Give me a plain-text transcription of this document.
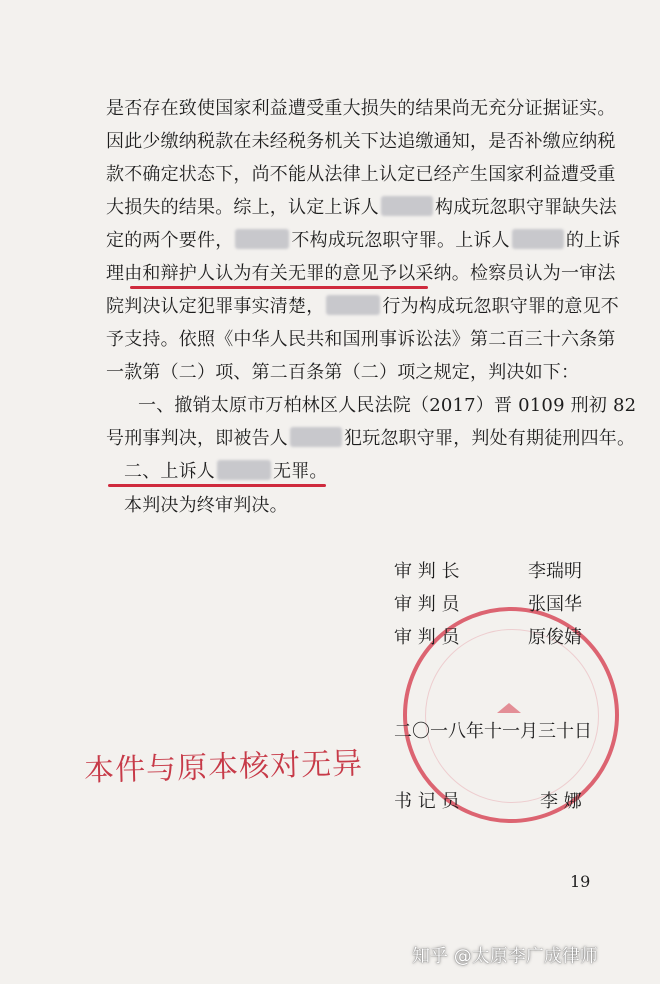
是否存在致使国家利益遭受重大损失的结果尚无充分证据证实。
因此少缴纳税款在未经税务机关下达追缴通知，是否补缴应纳税
款不确定状态下，尚不能从法律上认定已经产生国家利益遭受重
大损失的结果。综上，认定上诉人	构成玩忽职守罪缺失法
定的两个要件，	不构成玩忽职守罪。上诉人	的上诉
理由和辩护人认为有关无罪的意见予以采纳。检察员认为一审法
院判决认定犯罪事实清楚，	行为构成玩忽职守罪的意见不
予支持。依照《中华人民共和国刑事诉讼法》第二百三十六条第
一款第（二）项、第二百条第（二）项之规定，判决如下：
一、撤销太原市万柏林区人民法院（2017）晋 0109 刑初 82
号刑事判决，即被告人	犯玩忽职守罪，判处有期徒刑四年。
二、上诉人	无罪。
本判决为终审判决。
审 判 长	李瑞明
审 判 员	张国华
审 判 员	原俊婧
二〇一八年十一月三十日
书 记 员	李 娜
本件与原本核对无异
19
知乎 @太原李广成律师
